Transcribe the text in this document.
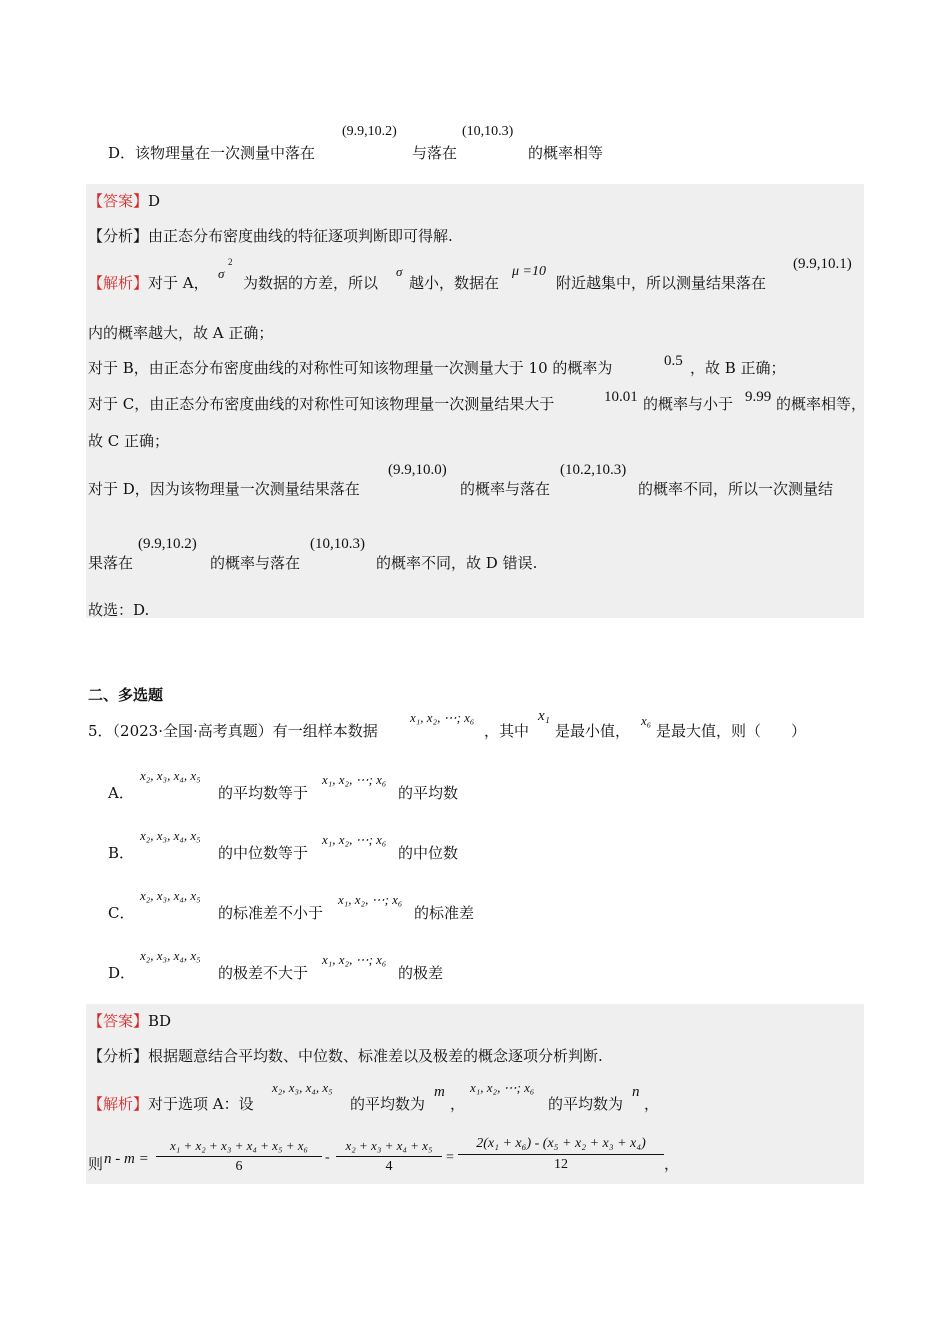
D．该物理量在一次测量中落在
(9.9,10.2)
与落在
(10,10.3)
的概率相等
【答案】D
【分析】由正态分布密度曲线的特征逐项判断即可得解.
【解析】对于 A，
σ
2
为数据的方差，所以
σ
越小，数据在
μ =10
附近越集中，所以测量结果落在
(9.9,10.1)
内的概率越大，故 A 正确；
对于 B，由正态分布密度曲线的对称性可知该物理量一次测量大于 10 的概率为	0.5 ，故 B 正确；
对于 C，由正态分布密度曲线的对称性可知该物理量一次测量结果大于	10.01 的概率与小于 9.99 的概率相等，
故 C 正确；
对于 D，因为该物理量一次测量结果落在
(9.9,10.0)
的概率与落在
(10.2,10.3)
的概率不同，所以一次测量结
果落在
(9.9,10.2)
的概率与落在
(10,10.3)
的概率不同，故 D 错误.
故选：D.
二、多选题
5．（2023·全国·高考真题）有一组样本数据
x₁, x₂, ⋯; x₆
，其中
x₁
是最小值，
x₆
是最大值，则（　　）
A．
x₂, x₃, x₄, x₅
的平均数等于
x₁, x₂, ⋯; x₆
的平均数
B．
x₂, x₃, x₄, x₅
的中位数等于
x₁, x₂, ⋯; x₆
的中位数
C．
x₂, x₃, x₄, x₅
的标准差不小于
x₁, x₂, ⋯; x₆
的标准差
D．
x₂, x₃, x₄, x₅
的极差不大于
x₁, x₂, ⋯; x₆
的极差
【答案】BD
【分析】根据题意结合平均数、中位数、标准差以及极差的概念逐项分析判断.
【解析】对于选项 A：设
x₂, x₃, x₄, x₅
的平均数为
m
，
x₁, x₂, ⋯; x₆
的平均数为
n
，
则 n - m =
x₁ + x₂ + x₃ + x₄ + x₅ + x₆
6
-
x₂ + x₃ + x₄ + x₅
4
=
2(x₁ + x₆) - (x₅ + x₂ + x₃ + x₄)
12	，
